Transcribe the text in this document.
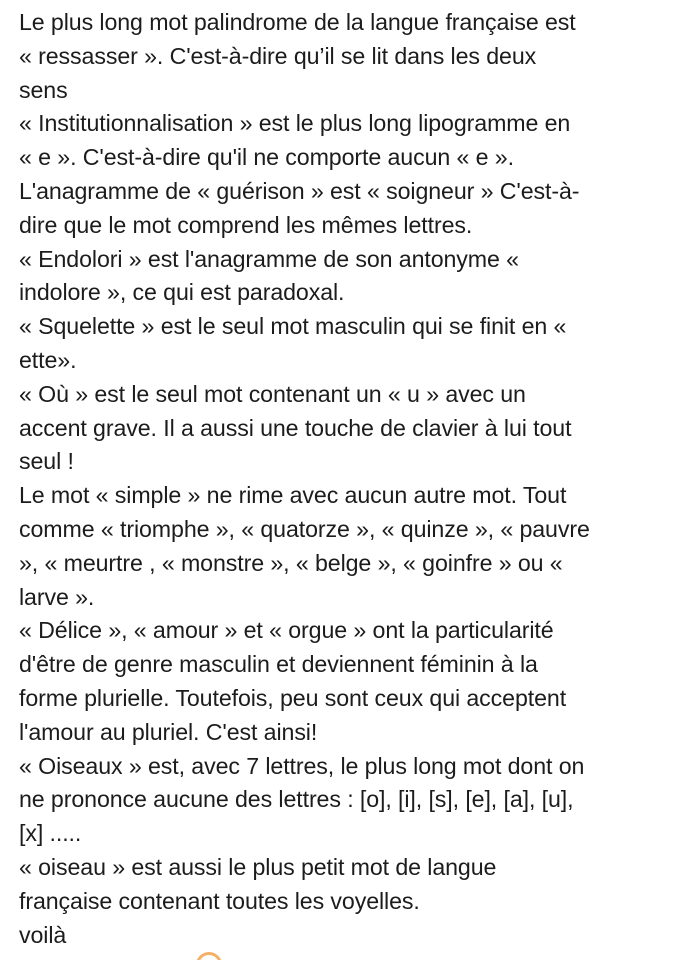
Le plus long mot palindrome de la langue française est
« ressasser ». C'est-à-dire qu’il se lit dans les deux
sens
« Institutionnalisation » est le plus long lipogramme en
« e ». C'est-à-dire qu'il ne comporte aucun « e ».
L'anagramme de « guérison » est « soigneur » C'est-à-
dire que le mot comprend les mêmes lettres.
« Endolori » est l'anagramme de son antonyme «
indolore », ce qui est paradoxal.
« Squelette » est le seul mot masculin qui se finit en «
ette».
« Où » est le seul mot contenant un « u » avec un
accent grave. Il a aussi une touche de clavier à lui tout
seul !
Le mot « simple » ne rime avec aucun autre mot. Tout
comme « triomphe », « quatorze », « quinze », « pauvre
», « meurtre , « monstre », « belge », « goinfre » ou «
larve ».
« Délice », « amour » et « orgue » ont la particularité
d'être de genre masculin et deviennent féminin à la
forme plurielle. Toutefois, peu sont ceux qui acceptent
l'amour au pluriel. C'est ainsi!
« Oiseaux » est, avec 7 lettres, le plus long mot dont on
ne prononce aucune des lettres : [o], [i], [s], [e], [a], [u],
[x] .....
« oiseau » est aussi le plus petit mot de langue
française contenant toutes les voyelles.
voilà
